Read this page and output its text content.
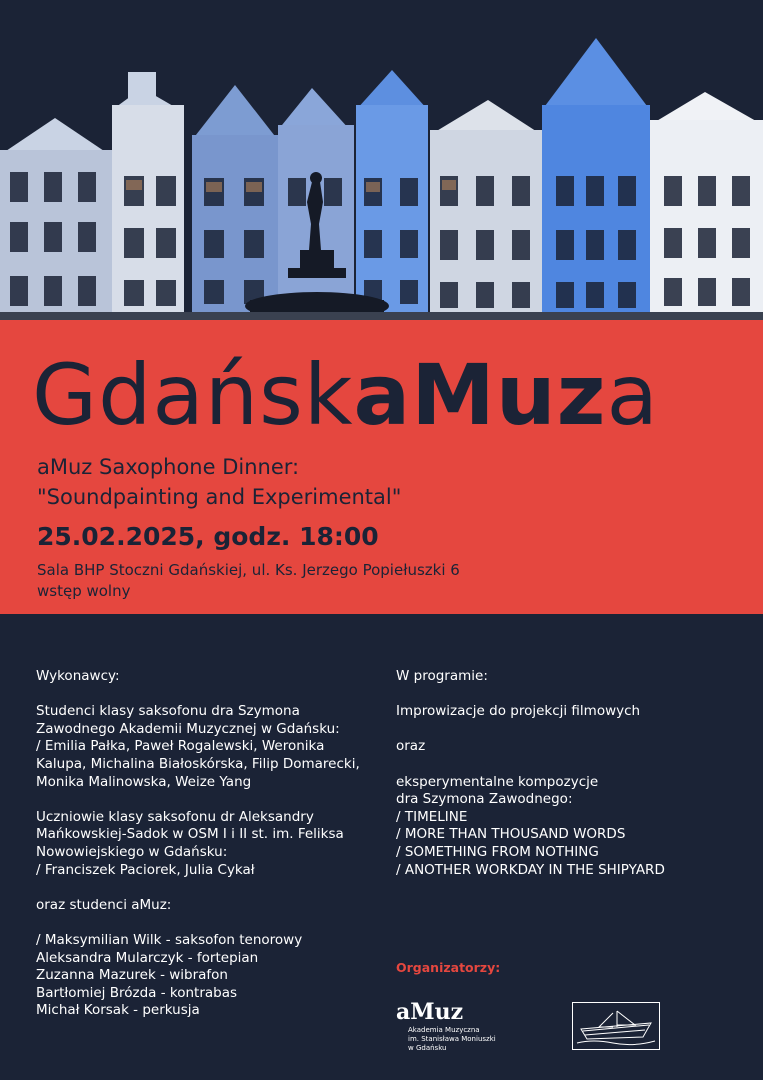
GdańskaMuza
aMuz Saxophone Dinner:
"Soundpainting and Experimental"
25.02.2025, godz. 18:00
Sala BHP Stoczni Gdańskiej, ul. Ks. Jerzego Popiełuszki 6
wstęp wolny

Wykonawcy:

Studenci klasy saksofonu dra Szymona
Zawodnego Akademii Muzycznej w Gdańsku:
/ Emilia Pałka, Paweł Rogalewski, Weronika
Kalupa, Michalina Białoskórska, Filip Domarecki,
Monika Malinowska, Weize Yang

Uczniowie klasy saksofonu dr Aleksandry
Mańkowskiej-Sadok w OSM I i II st. im. Feliksa
Nowowiejskiego w Gdańsku:
/ Franciszek Paciorek, Julia Cykał

oraz studenci aMuz:

/ Maksymilian Wilk - saksofon tenorowy
Aleksandra Mularczyk - fortepian
Zuzanna Mazurek - wibrafon
Bartłomiej Brózda - kontrabas
Michał Korsak - perkusja

W programie:

Improwizacje do projekcji filmowych

oraz

eksperymentalne kompozycje
dra Szymona Zawodnego:
/ TIMELINE
/ MORE THAN THOUSAND WORDS
/ SOMETHING FROM NOTHING
/ ANOTHER WORKDAY IN THE SHIPYARD

Organizatorzy:
aMuz
Akademia Muzyczna
im. Stanisława Moniuszki
w Gdańsku
